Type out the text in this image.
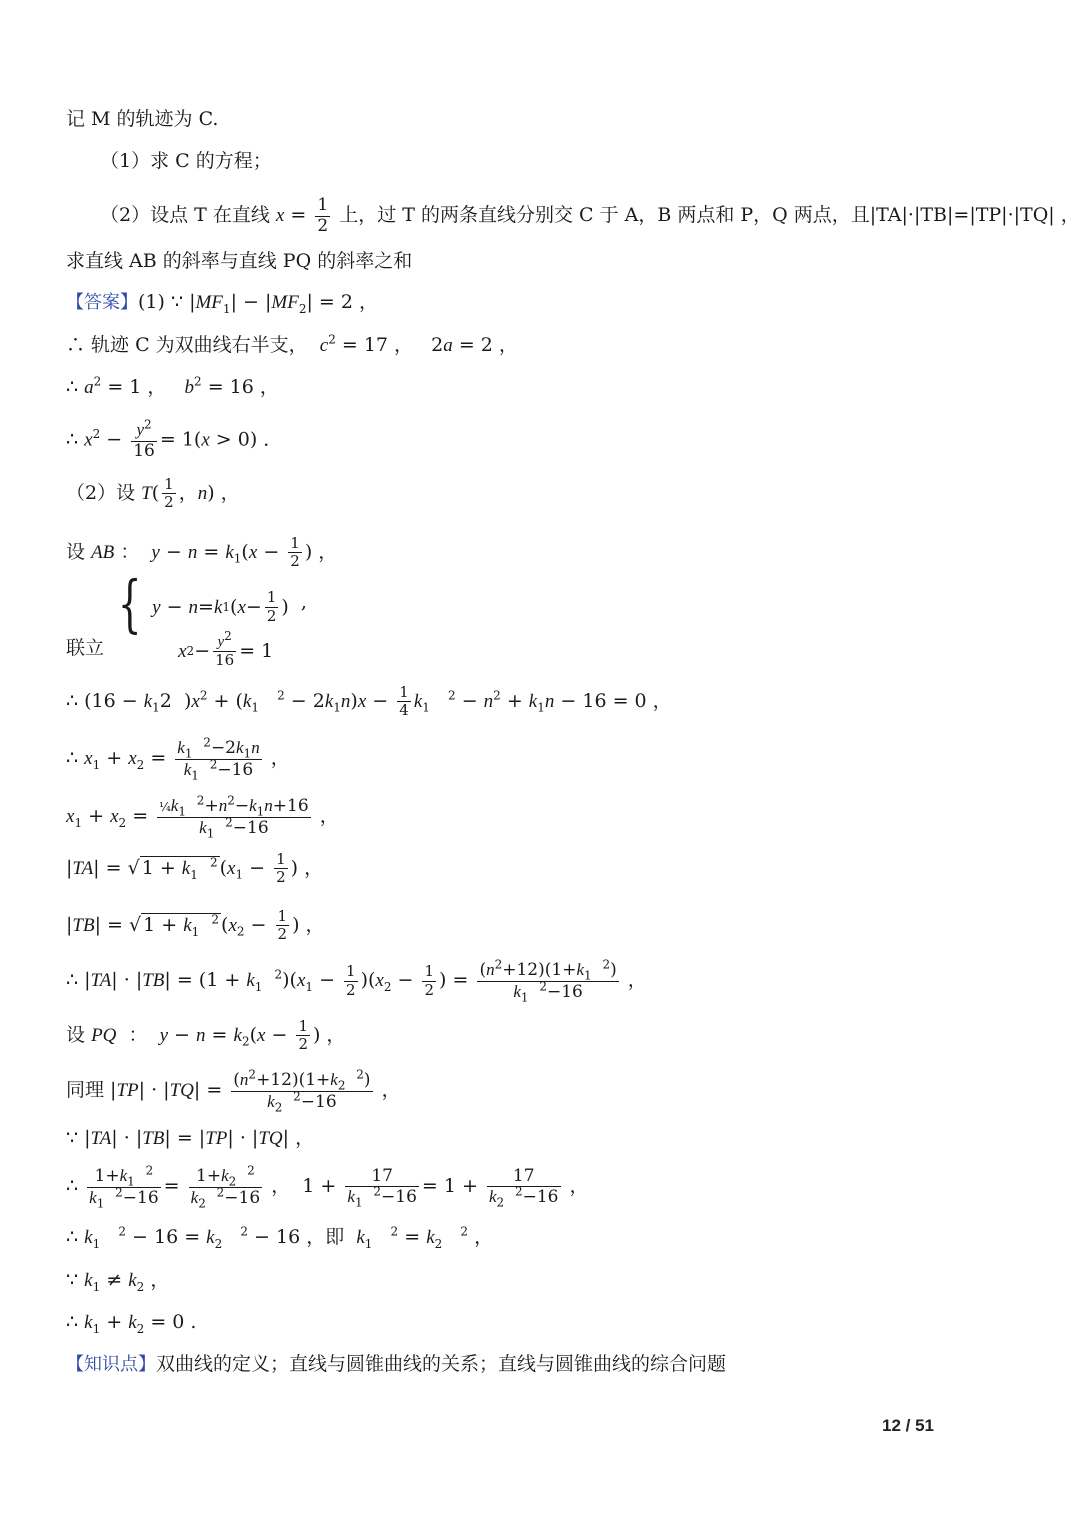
记 M 的轨迹为 C.
（1）求 C 的方程；
（2）设点 T 在直线 $x = \frac{1}{2}$ 上，过 T 的两条直线分别交 C 于 A，B 两点和 P，Q 两点，且|TA|·|TB|=|TP|·|TQ| ，
求直线 AB 的斜率与直线 PQ 的斜率之和
【答案】(1) ∵ $|MF_1| - |MF_2| = 2$ ，
∴ 轨迹 C 为双曲线右半支， $c^2 = 17$ ，   2a = 2 ，
∴ $a^2 = 1$ ，   $b^2 = 16$ ，
∴ $x^2 - \frac{y^2}{16} = 1(x > 0)$ ．
（2）设 $T( \frac{1}{2}$ ，n) ，
设 AB ：  $y - n = k_1(x - \frac{1}{2}$ ) ，
联立
{
y − n = k 1 ( $x - \frac{1}{2}$ )
x $2 - \frac{y^2}{16} = 1$
,
∴ ($16 - k_12$  )$x^2 + (k_1$   $^2 - 2k_1n)x - \frac{1}{4} k_1$   $^2 - n^2 + k_1n - 16 = 0$ ，
∴ $x_1 + x_2 = \frac{k_1 ^2-2k_1n}{k_1 ^2-16}$ ，
$x_1 + x_2 = \frac{\frac{1}{4}k_1 ^2+n^2-k_1n+16}{k_1 ^2-16}$ ，
|TA| = √ $1 + k_1$  $^2$ ($x_1 - \frac{1}{2}$ ) ，
|TB| = √ $1 + k_1$  $^2$ ($x_2 - \frac{1}{2}$ ) ，
∴ $|TA| \cdot |TB| = (1 + k_1$  $^2)(x_1 - \frac{1}{2} )(x_2 - \frac{1}{2}$ ) = $\frac{(n^2+12)(1+k_1 ^2)}{k_1 ^2-16}$ ，
设 PQ  ：  $y - n = k_2(x - \frac{1}{2}$ ) ，
同理 $|TP| \cdot |TQ| = \frac{(n^2+12)(1+k_2 ^2)}{k_2 ^2-16}$ ，
∵ |TA| · |TB| = |TP| · |TQ| ，
∴ $\frac{1+k_1 ^2}{k_1 ^2-16} = \frac{1+k_2 ^2}{k_2 ^2-16}$ ，  $1 + \frac{17}{k_1 ^2-16} = 1 + \frac{17}{k_2 ^2-16}$ ，
∴ $k_1$   $^2 - 16 = k_2$   $^2$ − 16 ，即 $k_1$   $^2 = k_2$   $^2$ ，
∵ $k_1 \ne k_2$ ，
∴ $k_1 + k_2 = 0$ .
【知识点】双曲线的定义；直线与圆锥曲线的关系；直线与圆锥曲线的综合问题
12 / 51
